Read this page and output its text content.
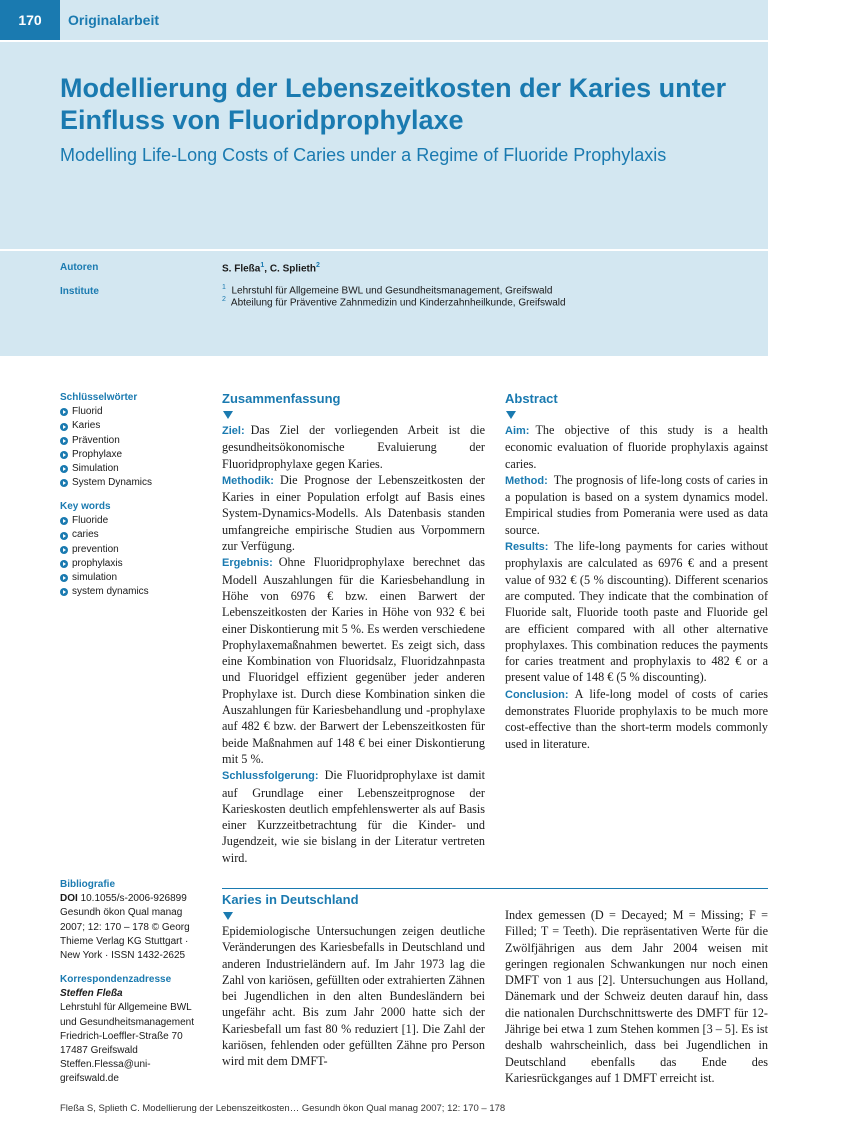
170	Originalarbeit
Modellierung der Lebenszeitkosten der Karies unter Einfluss von Fluoridprophylaxe
Modelling Life-Long Costs of Caries under a Regime of Fluoride Prophylaxis
Autoren	S. Fleßa$^1$, C. Splieth$^2$
Institute	$^1$ Lehrstuhl für Allgemeine BWL und Gesundheitsmanagement, Greifswald
$^2$ Abteilung für Präventive Zahnmedizin und Kinderzahnheilkunde, Greifswald
Schlüsselwörter
Fluorid
Karies
Prävention
Prophylaxe
Simulation
System Dynamics
Key words
Fluoride
caries
prevention
prophylaxis
simulation
system dynamics
Zusammenfassung

Ziel: Das Ziel der vorliegenden Arbeit ist die gesundheitsökonomische Evaluierung der Fluoridprophylaxe gegen Karies.

Methodik: Die Prognose der Lebenszeitkosten der Karies in einer Population erfolgt auf Basis eines System-Dynamics-Modells. Als Datenbasis standen umfangreiche empirische Studien aus Vorpommern zur Verfügung.

Ergebnis: Ohne Fluoridprophylaxe berechnet das Modell Auszahlungen für die Kariesbehandlung in Höhe von 6976 € bzw. einen Barwert der Lebenszeitkosten der Karies in Höhe von 932 € bei einer Diskontierung mit 5 %. Es werden verschiedene Prophylaxemaßnahmen bewertet. Es zeigt sich, dass eine Kombination von Fluoridsalz, Fluoridzahnpasta und Fluoridgel effizient gegenüber jeder anderen Prophylaxe ist. Durch diese Kombination sinken die Auszahlungen für Kariesbehandlung und -prophylaxe auf 482 € bzw. der Barwert der Lebenszeitkosten für beide Maßnahmen auf 148 € bei einer Diskontierung mit 5 %.

Schlussfolgerung: Die Fluoridprophylaxe ist damit auf Grundlage einer Lebenszeitprognose der Karieskosten deutlich empfehlenswerter als auf Basis einer Kurzzeitbetrachtung für die Kinder- und Jugendzeit, wie sie bislang in der Literatur vertreten wird.

Abstract

Aim: The objective of this study is a health economic evaluation of fluoride prophylaxis against caries.

Method: The prognosis of life-long costs of caries in a population is based on a system dynamics model. Empirical studies from Pomerania were used as data source.

Results: The life-long payments for caries without prophylaxis are calculated as 6976 € and a present value of 932 € (5 % discounting). Different scenarios are computed. They indicate that the combination of Fluoride salt, Fluoride tooth paste and Fluoride gel are efficient compared with all other alternative prophylaxes. This combination reduces the payments for caries treatment and prophylaxis to 482 € or a present value of 148 € (5 % discounting).

Conclusion: A life-long model of costs of caries demonstrates Fluoride prophylaxis to be much more cost-effective than the short-term models commonly used in literature.

Bibliografie
DOI 10.1055/s-2006-926899
Gesundh ökon Qual manag
2007; 12: 170 – 178 © Georg
Thieme Verlag KG Stuttgart ·
New York · ISSN 1432-2625
Korrespondenzadresse
Steffen Fleßa
Lehrstuhl für Allgemeine BWL
und Gesundheitsmanagement
Friedrich-Loeffler-Straße 70
17487 Greifswald
Steffen.Flessa@uni-
greifswald.de
Karies in Deutschland

Epidemiologische Untersuchungen zeigen deutliche Veränderungen des Kariesbefalls in Deutschland und anderen Industrieländern auf. Im Jahr 1973 lag die Zahl von kariösen, gefüllten oder extrahierten Zähnen bei Jugendlichen in den alten Bundesländern bei ungefähr acht. Bis zum Jahr 2000 hatte sich der Kariesbefall um fast 80 % reduziert [1]. Die Zahl der kariösen, fehlenden oder gefüllten Zähne pro Person wird mit dem DMFT-

Index gemessen (D = Decayed; M = Missing; F = Filled; T = Teeth). Die repräsentativen Werte für die Zwölfjährigen aus dem Jahr 2004 weisen mit geringen regionalen Schwankungen nur noch einen DMFT von 1 aus [2]. Untersuchungen aus Holland, Dänemark und der Schweiz deuten darauf hin, dass die nationalen Durchschnittswerte des DMFT für 12-Jährige bei etwa 1 zum Stehen kommen [3 – 5]. Es ist deshalb wahrscheinlich, dass bei Jugendlichen in Deutschland ebenfalls das Ende des Kariesrückganges auf 1 DMFT erreicht ist.

Fleßa S, Splieth C. Modellierung der Lebenszeitkosten… Gesundh ökon Qual manag 2007; 12: 170 – 178
